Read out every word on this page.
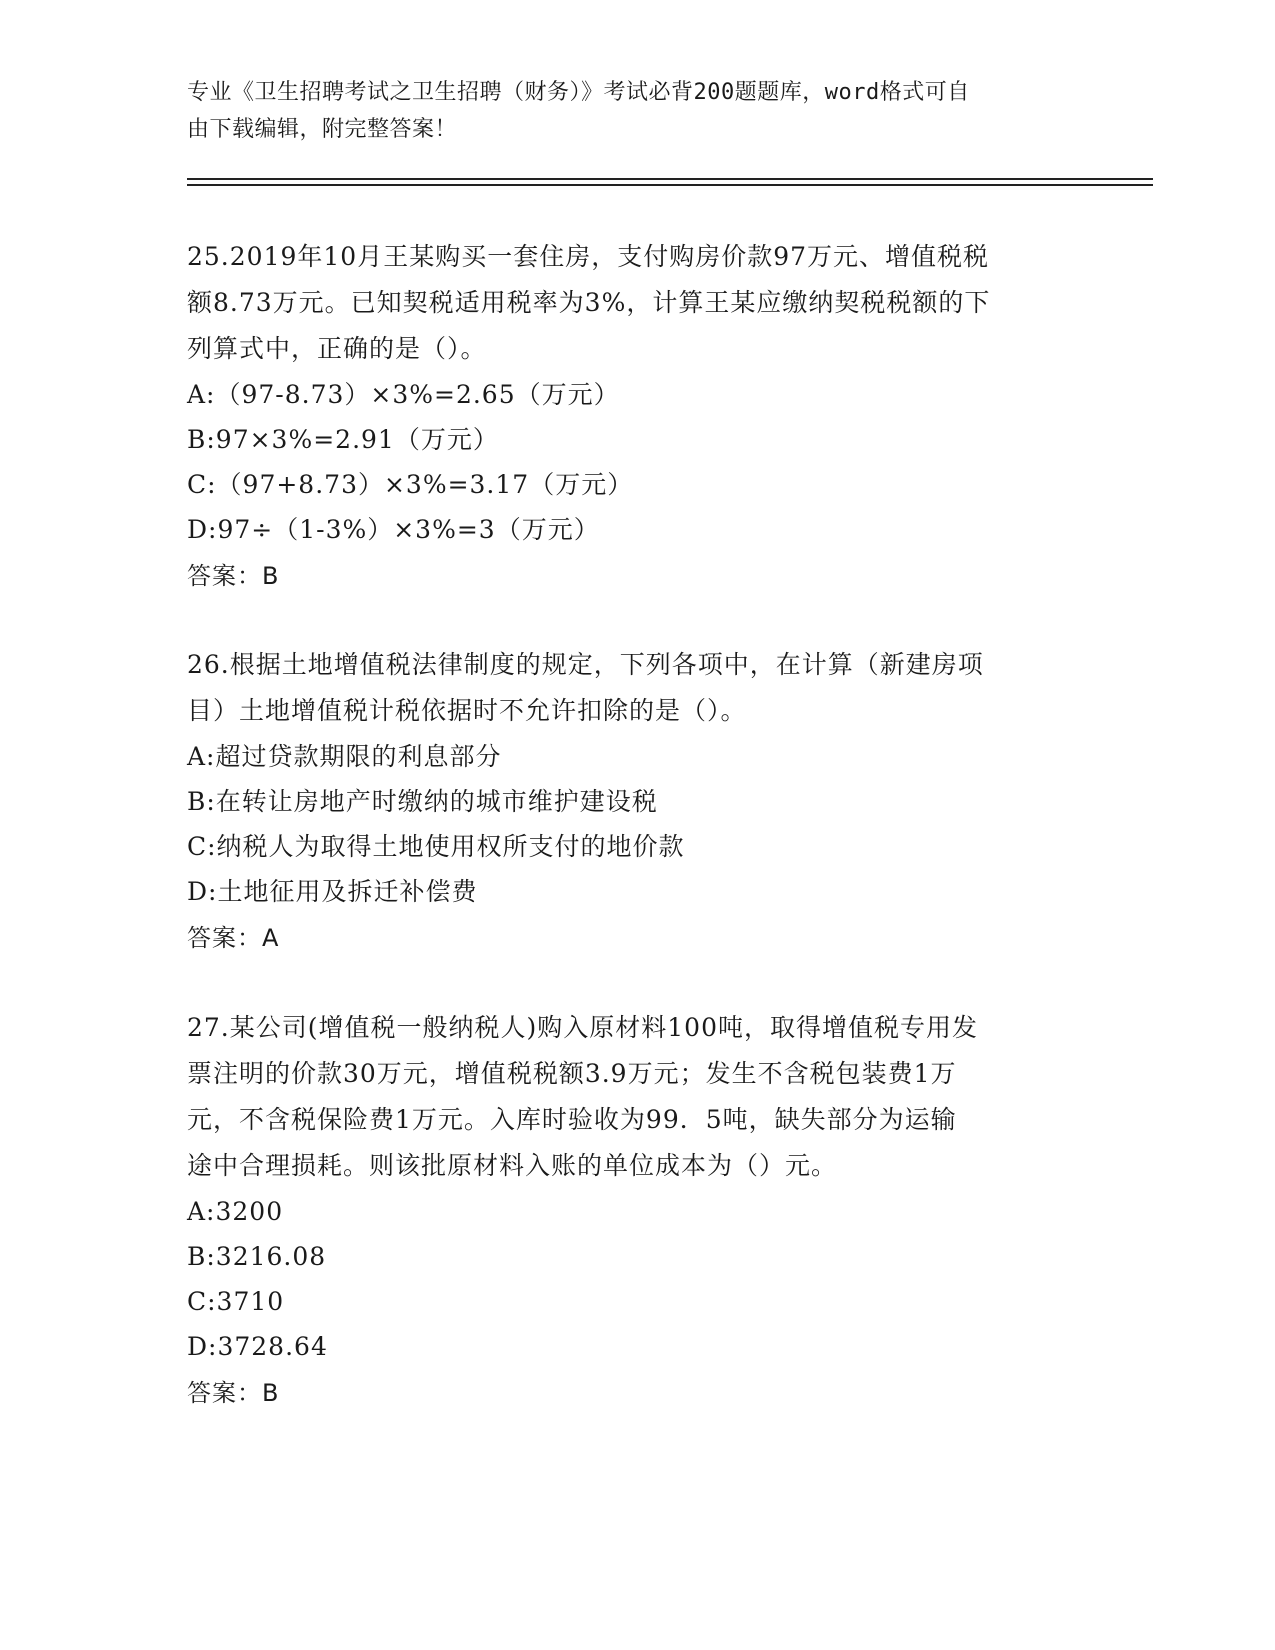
专业《卫生招聘考试之卫生招聘（财务）》考试必背200题题库，word格式可自
由下载编辑，附完整答案！
25.2019年10月王某购买一套住房，支付购房价款97万元、增值税税
额8.73万元。已知契税适用税率为3%，计算王某应缴纳契税税额的下
列算式中，正确的是（）。
A:（97-8.73）×3%=2.65（万元）
B:97×3%=2.91（万元）
C:（97+8.73）×3%=3.17（万元）
D:97÷（1-3%）×3%=3（万元）
答案：B
26.根据土地增值税法律制度的规定，下列各项中，在计算（新建房项
目）土地增值税计税依据时不允许扣除的是（）。
A:超过贷款期限的利息部分
B:在转让房地产时缴纳的城市维护建设税
C:纳税人为取得土地使用权所支付的地价款
D:土地征用及拆迁补偿费
答案：A
27.某公司(增值税一般纳税人)购入原材料100吨，取得增值税专用发
票注明的价款30万元，增值税税额3.9万元；发生不含税包装费1万
元，不含税保险费1万元。入库时验收为99．5吨，缺失部分为运输
途中合理损耗。则该批原材料入账的单位成本为（）元。
A:3200
B:3216.08
C:3710
D:3728.64
答案：B
